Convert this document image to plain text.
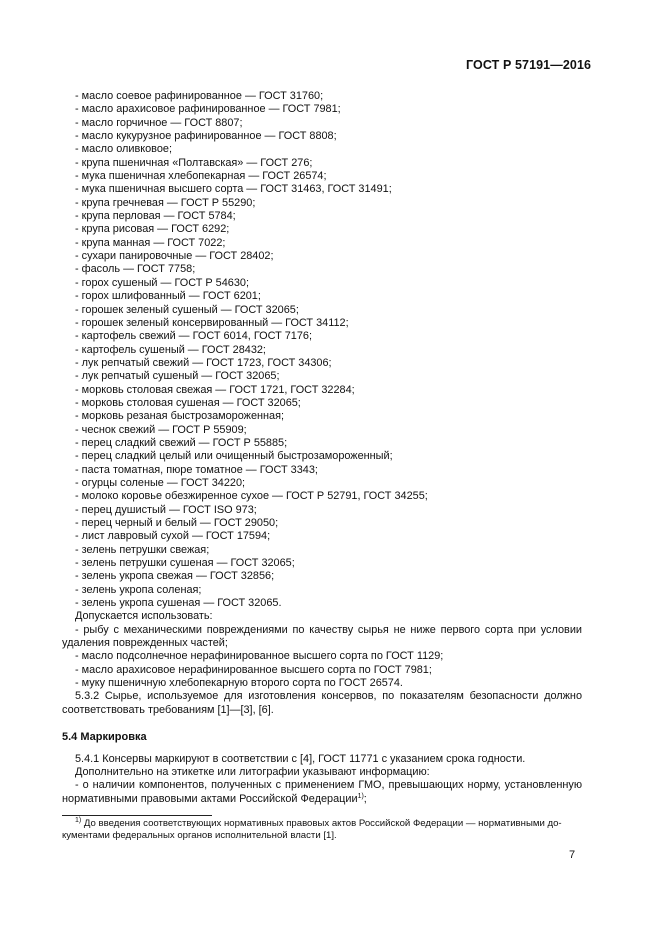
ГОСТ Р 57191—2016
- масло соевое рафинированное — ГОСТ 31760;
- масло арахисовое рафинированное — ГОСТ 7981;
- масло горчичное — ГОСТ 8807;
- масло кукурузное рафинированное — ГОСТ 8808;
- масло оливковое;
- крупа пшеничная «Полтавская» — ГОСТ 276;
- мука пшеничная хлебопекарная — ГОСТ 26574;
- мука пшеничная высшего сорта — ГОСТ 31463, ГОСТ 31491;
- крупа гречневая — ГОСТ Р 55290;
- крупа перловая — ГОСТ 5784;
- крупа рисовая — ГОСТ 6292;
- крупа манная — ГОСТ 7022;
- сухари панировочные — ГОСТ 28402;
- фасоль — ГОСТ 7758;
- горох сушеный — ГОСТ Р 54630;
- горох шлифованный — ГОСТ 6201;
- горошек зеленый сушеный — ГОСТ 32065;
- горошек зеленый консервированный — ГОСТ 34112;
- картофель свежий — ГОСТ 6014, ГОСТ 7176;
- картофель сушеный — ГОСТ 28432;
- лук репчатый свежий — ГОСТ 1723, ГОСТ 34306;
- лук репчатый сушеный — ГОСТ 32065;
- морковь столовая свежая — ГОСТ 1721, ГОСТ 32284;
- морковь столовая сушеная — ГОСТ 32065;
- морковь резаная быстрозамороженная;
- чеснок свежий — ГОСТ Р 55909;
- перец сладкий свежий — ГОСТ Р 55885;
- перец сладкий целый или очищенный быстрозамороженный;
- паста томатная, пюре томатное — ГОСТ 3343;
- огурцы соленые — ГОСТ 34220;
- молоко коровье обезжиренное сухое — ГОСТ Р 52791, ГОСТ 34255;
- перец душистый — ГОСТ ISO 973;
- перец черный и белый — ГОСТ 29050;
- лист лавровый сухой — ГОСТ 17594;
- зелень петрушки свежая;
- зелень петрушки сушеная — ГОСТ 32065;
- зелень укропа свежая — ГОСТ 32856;
- зелень укропа соленая;
- зелень укропа сушеная — ГОСТ 32065.
Допускается использовать:
- рыбу с механическими повреждениями по качеству сырья не ниже первого сорта при условии
удаления поврежденных частей;
- масло подсолнечное нерафинированное высшего сорта по ГОСТ 1129;
- масло арахисовое нерафинированное высшего сорта по ГОСТ 7981;
- муку пшеничную хлебопекарную второго сорта по ГОСТ 26574.
5.3.2 Сырье, используемое для изготовления консервов, по показателям безопасности должно
соответствовать требованиям [1]—[3], [6].
5.4 Маркировка
5.4.1 Консервы маркируют в соответствии с [4], ГОСТ 11771 с указанием срока годности.
Дополнительно на этикетке или литографии указывают информацию:
- о наличии компонентов, полученных с применением ГМО, превышающих норму, установленную
нормативными правовыми актами Российской Федерации$^{1)}$;
$^{1)}$ До введения соответствующих нормативных правовых актов Российской Федерации — нормативными до-
кументами федеральных органов исполнительной власти [1].
7
